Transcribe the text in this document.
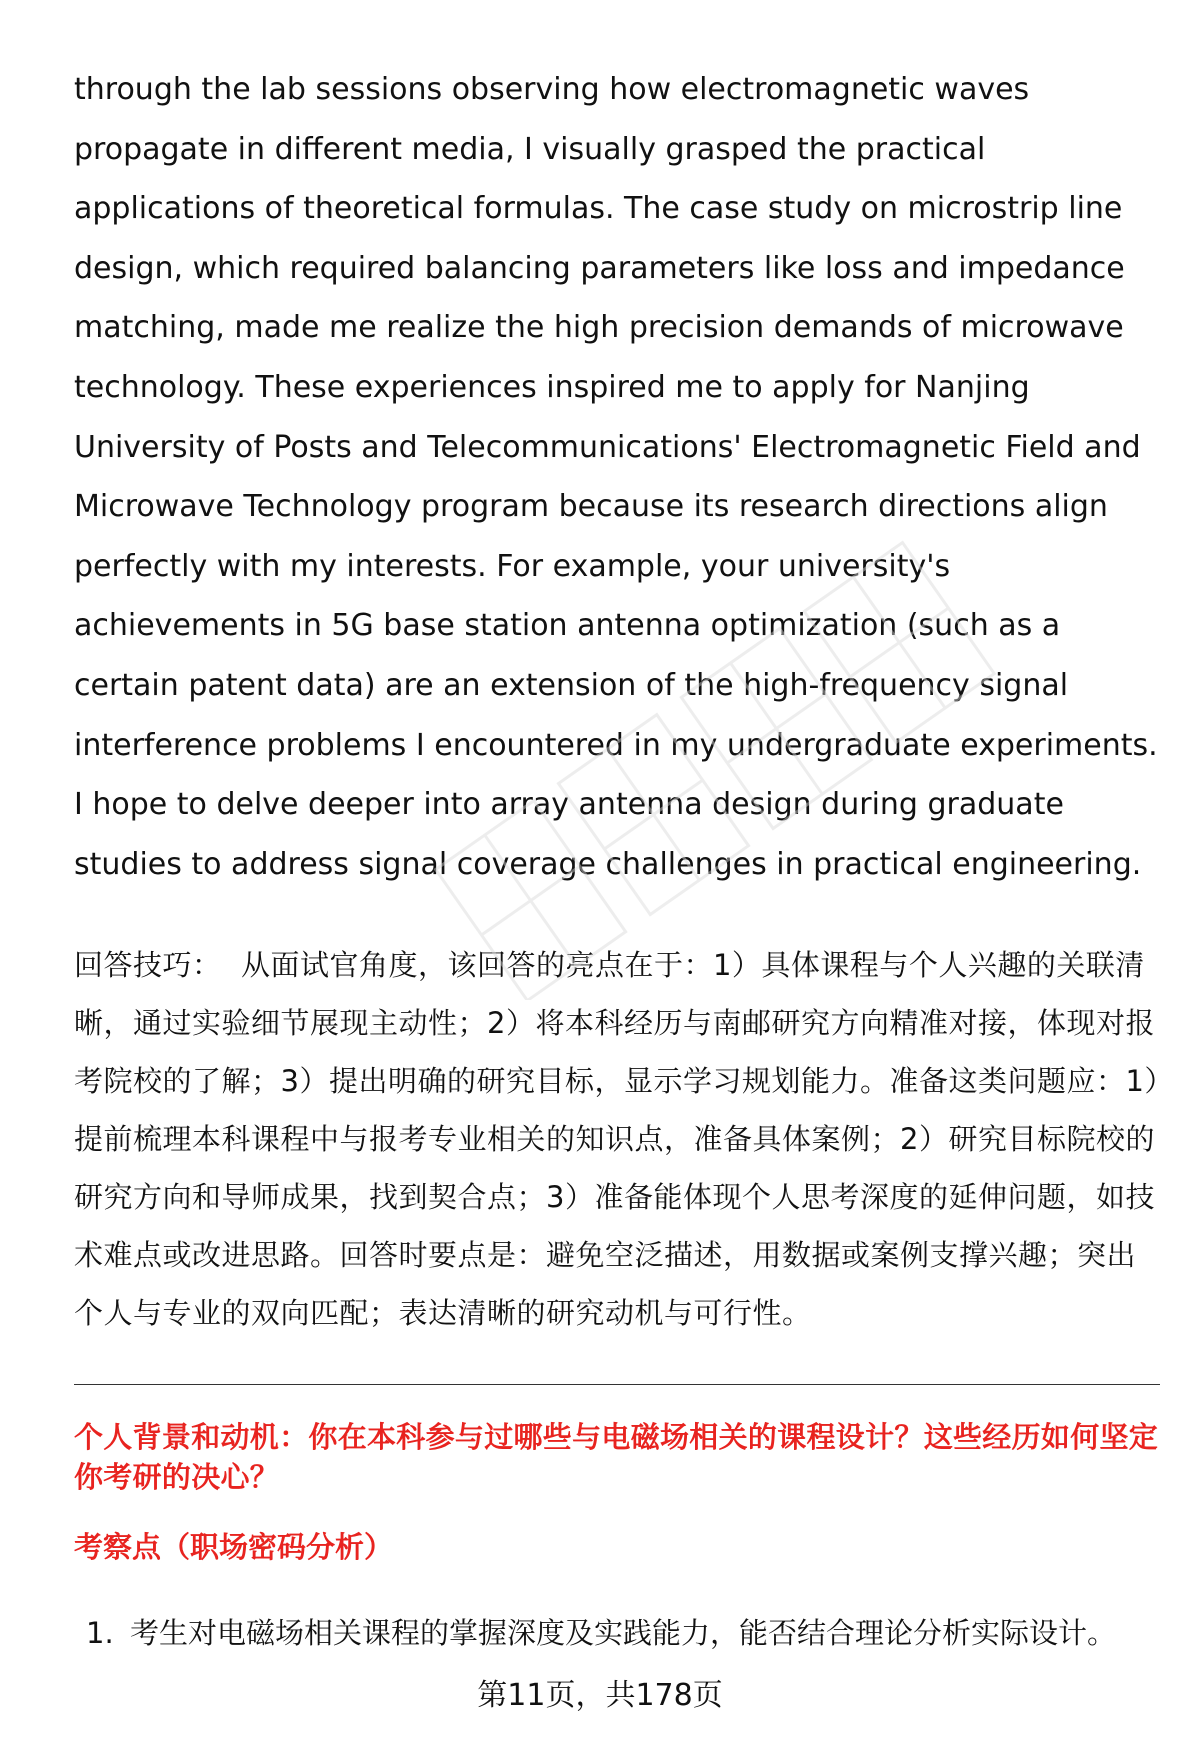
through the lab sessions observing how electromagnetic waves propagate in different media, I visually grasped the practical applications of theoretical formulas. The case study on microstrip line design, which required balancing parameters like loss and impedance matching, made me realize the high precision demands of microwave technology. These experiences inspired me to apply for Nanjing University of Posts and Telecommunications' Electromagnetic Field and Microwave Technology program because its research directions align perfectly with my interests. For example, your university's achievements in 5G base station antenna optimization (such as a certain patent data) are an extension of the high-frequency signal interference problems I encountered in my undergraduate experiments. I hope to delve deeper into array antenna design during graduate studies to address signal coverage challenges in practical engineering.

回答技巧： 从面试官角度，该回答的亮点在于：1）具体课程与个人兴趣的关联清晰，通过实验细节展现主动性；2）将本科经历与南邮研究方向精准对接，体现对报考院校的了解；3）提出明确的研究目标，显示学习规划能力。准备这类问题应：1）提前梳理本科课程中与报考专业相关的知识点，准备具体案例；2）研究目标院校的研究方向和导师成果，找到契合点；3）准备能体现个人思考深度的延伸问题，如技术难点或改进思路。回答时要点是：避免空泛描述，用数据或案例支撑兴趣；突出个人与专业的双向匹配；表达清晰的研究动机与可行性。

个人背景和动机：你在本科参与过哪些与电磁场相关的课程设计？这些经历如何坚定你考研的决心？
考察点（职场密码分析）
1. 考生对电磁场相关课程的掌握深度及实践能力，能否结合理论分析实际设计。
第11页，共178页
